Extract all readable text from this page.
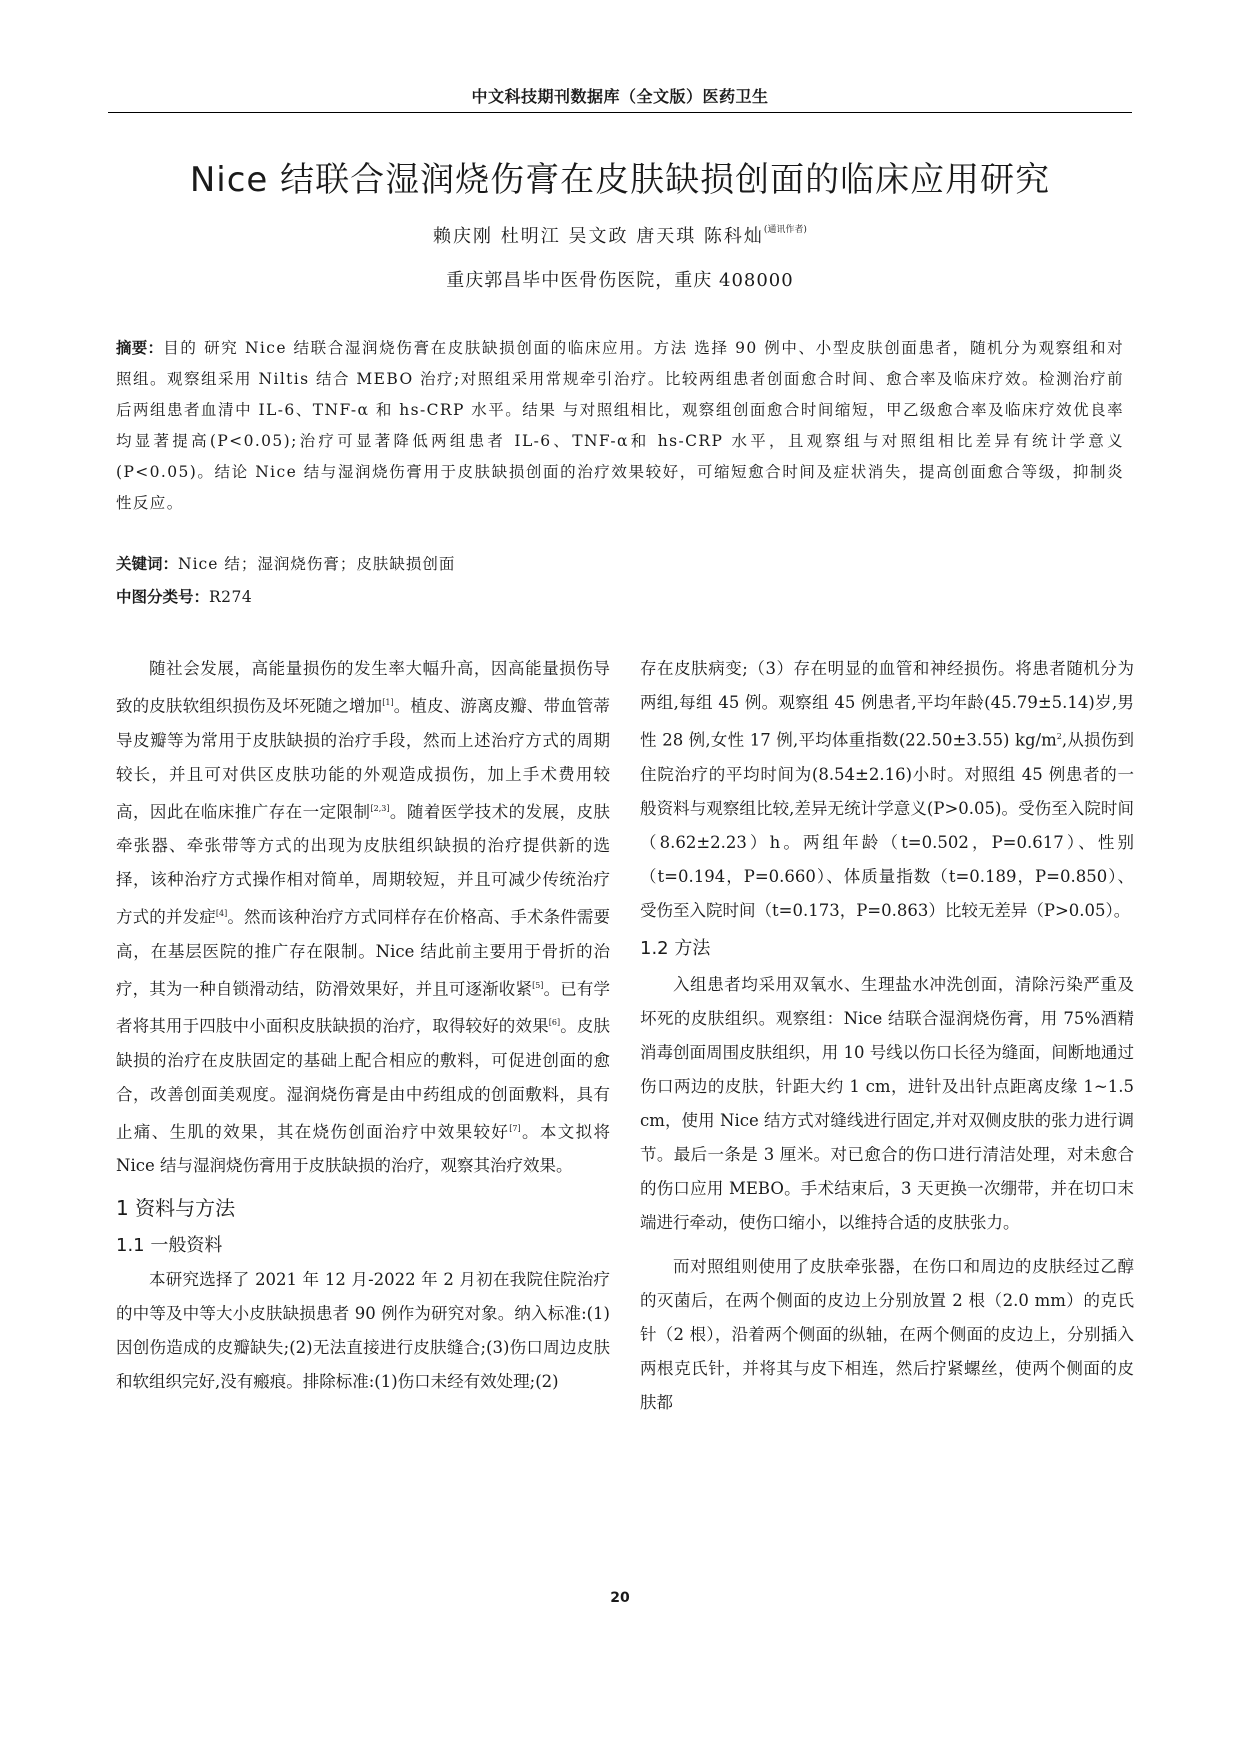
中文科技期刊数据库（全文版）医药卫生
Nice 结联合湿润烧伤膏在皮肤缺损创面的临床应用研究
赖庆刚 杜明江 吴文政 唐天琪 陈科灿$^{(通讯作者)}$
重庆郭昌毕中医骨伤医院，重庆 408000

摘要：目的 研究 Nice 结联合湿润烧伤膏在皮肤缺损创面的临床应用。方法 选择 90 例中、小型皮肤创面患者，随机分为观察组和对照组。观察组采用 Niltis 结合 MEBO 治疗;对照组采用常规牵引治疗。比较两组患者创面愈合时间、愈合率及临床疗效。检测治疗前后两组患者血清中 IL-6、TNF-α 和 hs-CRP 水平。结果 与对照组相比，观察组创面愈合时间缩短，甲乙级愈合率及临床疗效优良率均显著提高(P<0.05);治疗可显著降低两组患者 IL-6、TNF-α和 hs-CRP 水平，且观察组与对照组相比差异有统计学意义(P<0.05)。结论 Nice 结与湿润烧伤膏用于皮肤缺损创面的治疗效果较好，可缩短愈合时间及症状消失，提高创面愈合等级，抑制炎性反应。

关键词：Nice 结；湿润烧伤膏；皮肤缺损创面
中图分类号：R274

随社会发展，高能量损伤的发生率大幅升高，因高能量损伤导致的皮肤软组织损伤及坏死随之增加[1]。植皮、游离皮瓣、带血管蒂导皮瓣等为常用于皮肤缺损的治疗手段，然而上述治疗方式的周期较长，并且可对供区皮肤功能的外观造成损伤，加上手术费用较高，因此在临床推广存在一定限制[2,3]。随着医学技术的发展，皮肤牵张器、牵张带等方式的出现为皮肤组织缺损的治疗提供新的选择，该种治疗方式操作相对简单，周期较短，并且可减少传统治疗方式的并发症[4]。然而该种治疗方式同样存在价格高、手术条件需要高，在基层医院的推广存在限制。Nice 结此前主要用于骨折的治疗，其为一种自锁滑动结，防滑效果好，并且可逐渐收紧[5]。已有学者将其用于四肢中小面积皮肤缺损的治疗，取得较好的效果[6]。皮肤缺损的治疗在皮肤固定的基础上配合相应的敷料，可促进创面的愈合，改善创面美观度。湿润烧伤膏是由中药组成的创面敷料，具有止痛、生肌的效果，其在烧伤创面治疗中效果较好[7]。本文拟将 Nice 结与湿润烧伤膏用于皮肤缺损的治疗，观察其治疗效果。

1 资料与方法
1.1 一般资料

本研究选择了 2021 年 12 月-2022 年 2 月初在我院住院治疗的中等及中等大小皮肤缺损患者 90 例作为研究对象。纳入标准:(1)因创伤造成的皮瓣缺失;(2)无法直接进行皮肤缝合;(3)伤口周边皮肤和软组织完好,没有瘢痕。排除标准:(1)伤口未经有效处理;(2)

存在皮肤病变;（3）存在明显的血管和神经损伤。将患者随机分为两组,每组 45 例。观察组 45 例患者,平均年龄(45.79±5.14)岁,男性 28 例,女性 17 例,平均体重指数(22.50±3.55) $kg/m^2$,从损伤到住院治疗的平均时间为(8.54±2.16)小时。对照组 45 例患者的一般资料与观察组比较,差异无统计学意义(P>0.05)。受伤至入院时间（8.62±2.23）h。两组年龄（t=0.502，P=0.617）、性别（t=0.194，P=0.660）、体质量指数（t=0.189，P=0.850）、受伤至入院时间（t=0.173，P=0.863）比较无差异（P>0.05）。

1.2 方法

入组患者均采用双氧水、生理盐水冲洗创面，清除污染严重及坏死的皮肤组织。观察组：Nice 结联合湿润烧伤膏，用 75%酒精消毒创面周围皮肤组织，用 10 号线以伤口长径为缝面，间断地通过伤口两边的皮肤，针距大约 1 cm，进针及出针点距离皮缘 1~1.5 cm，使用 Nice 结方式对缝线进行固定,并对双侧皮肤的张力进行调节。最后一条是 3 厘米。对已愈合的伤口进行清洁处理，对未愈合的伤口应用 MEBO。手术结束后，3 天更换一次绷带，并在切口末端进行牵动，使伤口缩小，以维持合适的皮肤张力。

而对照组则使用了皮肤牵张器，在伤口和周边的皮肤经过乙醇的灭菌后，在两个侧面的皮边上分别放置 2 根（2.0 mm）的克氏针（2 根），沿着两个侧面的纵轴，在两个侧面的皮边上，分别插入两根克氏针，并将其与皮下相连，然后拧紧螺丝，使两个侧面的皮肤都

20
